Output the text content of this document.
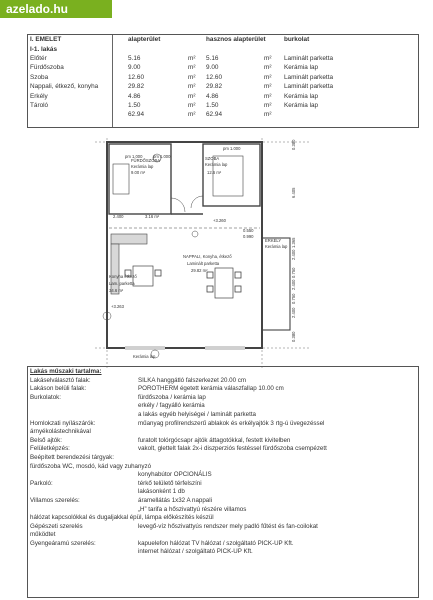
azelado.hu
I. EMELET	alapterület		hasznos alapterület		burkolat
I-1. lakás					
Előtér	5.16	m²	5.16	m²	Laminált parketta
Fürdőszoba	9.00	m²	9.00	m²	Kerámia lap
Szoba	12.60	m²	12.60	m²	Laminált parketta
Nappali, étkező, konyha	29.82	m²	29.82	m²	Laminált parketta
Erkély	4.86	m²	4.86	m²	Kerámia lap
Tároló	1.50	m²	1.50	m²	Kerámia lap
	62.94	m²	62.94	m²	
pm 1.000	pm 1.000
pm 1.000
FÜRDŐSZOBA
Kerámia lap
9.00 m²
SZOBA
Kerámia lap
12.6 m²
NAPPALI, Konyha, étkező
Laminált parketta
29.82 m²
Konyha étkező
Lam. parketta
34.6 m²
ERKÉLY
Kerámia lap
Kerámia lap
+3.260
+3.263
2.400	3.16 m²
0.550
0.990
0.380
6.405
1.365
2.400
0.750
2.400
0.750
2.400
0.380
Lakás műszaki tartalma:
Lakáselválasztó falak:	SILKA hanggátló falszerkezet 20.00 cm
Lakáson belüli falak:	POROTHERM égetett kerámia válaszfallap 10.00 cm
Burkolatok:	fürdőszoba / kerámia lap
erkély / fagyálló kerámia
a lakás egyéb helyiségei / laminált parketta
Homlokzati nyílászárók:	műanyag profilrendszerű ablakok és erkélyajtók 3 rtg-ú üvegezéssel
árnyékolástechnikával
Belső ajtók:	furatolt tolórgócsapr ajtók áttagotókkal, festett kivitelben
Felületképzés:	vakolt, glettelt falak 2x-i diszperziós festéssel fürdőszoba csempézett
Beépített berendezési tárgyak:
fürdőszoba WC, mosdó, kád vagy zuhanyzó
konyhabútor OPCIONÁLIS
Parkoló:	térkő telülető térfelszíni
lakásonként 1 db
Villamos szerelés:	áramellátás 1x32 A nappali
„H” tarifa a hőszivattyú részére villamos
hálózat kapcsolókkal és dugaljakkal épül, lámpa előkészítés készül
Gépészeti szerelés	levegő-víz hőszivattyús rendszer mely padló fűtést és fan-coilokat
működtet
Gyengeáramú szerelés:	kapuelefon hálózat TV hálózat / szolgáltató PICK-UP Kft.
internet hálózat / szolgáltató PICK-UP Kft.
